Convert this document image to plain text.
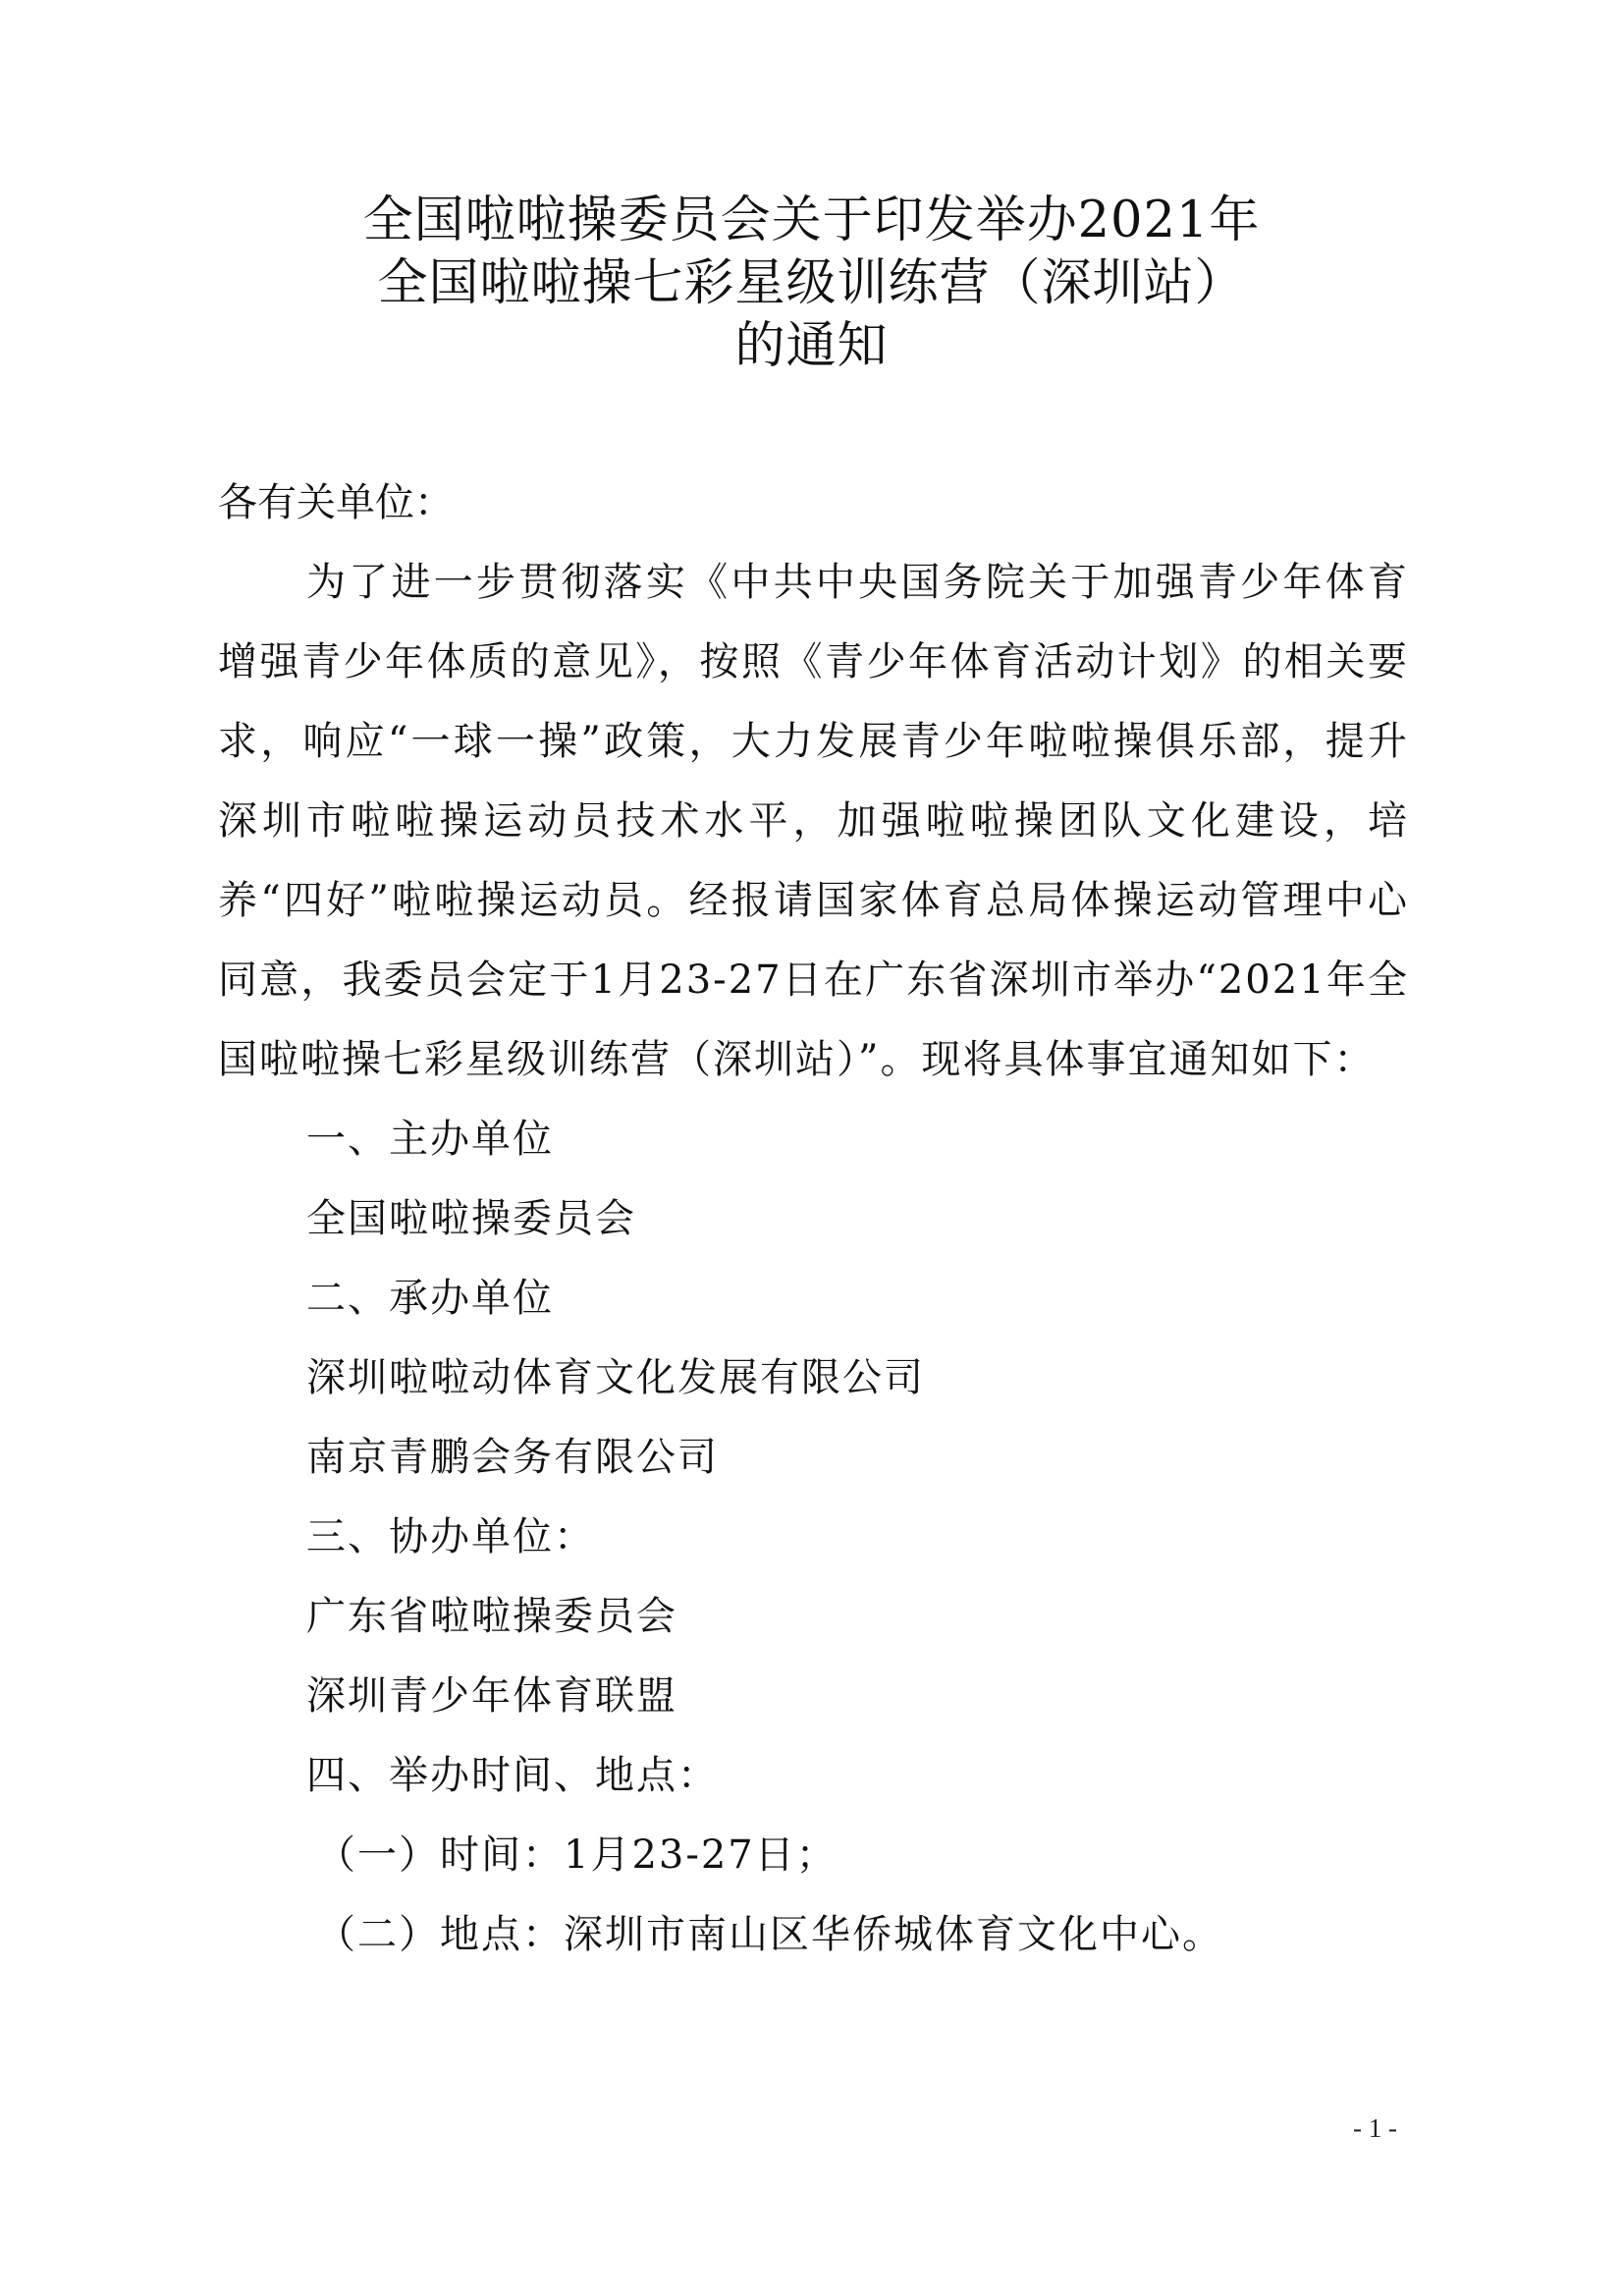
全国啦啦操委员会关于印发举办2021年
全国啦啦操七彩星级训练营（深圳站）
的通知
各有关单位：
为了进一步贯彻落实《中共中央国务院关于加强青少年体育增强青少年体质的意见》，按照《青少年体育活动计划》的相关要求，响应“一球一操”政策，大力发展青少年啦啦操俱乐部，提升深圳市啦啦操运动员技术水平，加强啦啦操团队文化建设，培养“四好”啦啦操运动员。经报请国家体育总局体操运动管理中心同意，我委员会定于1月23-27日在广东省深圳市举办“2021年全国啦啦操七彩星级训练营（深圳站）”。现将具体事宜通知如下：
一、主办单位
全国啦啦操委员会
二、承办单位
深圳啦啦动体育文化发展有限公司
南京青鹏会务有限公司
三、协办单位：
广东省啦啦操委员会
深圳青少年体育联盟
四、举办时间、地点：
（一）时间：1月23-27日；
（二）地点：深圳市南山区华侨城体育文化中心。
- 1 -
